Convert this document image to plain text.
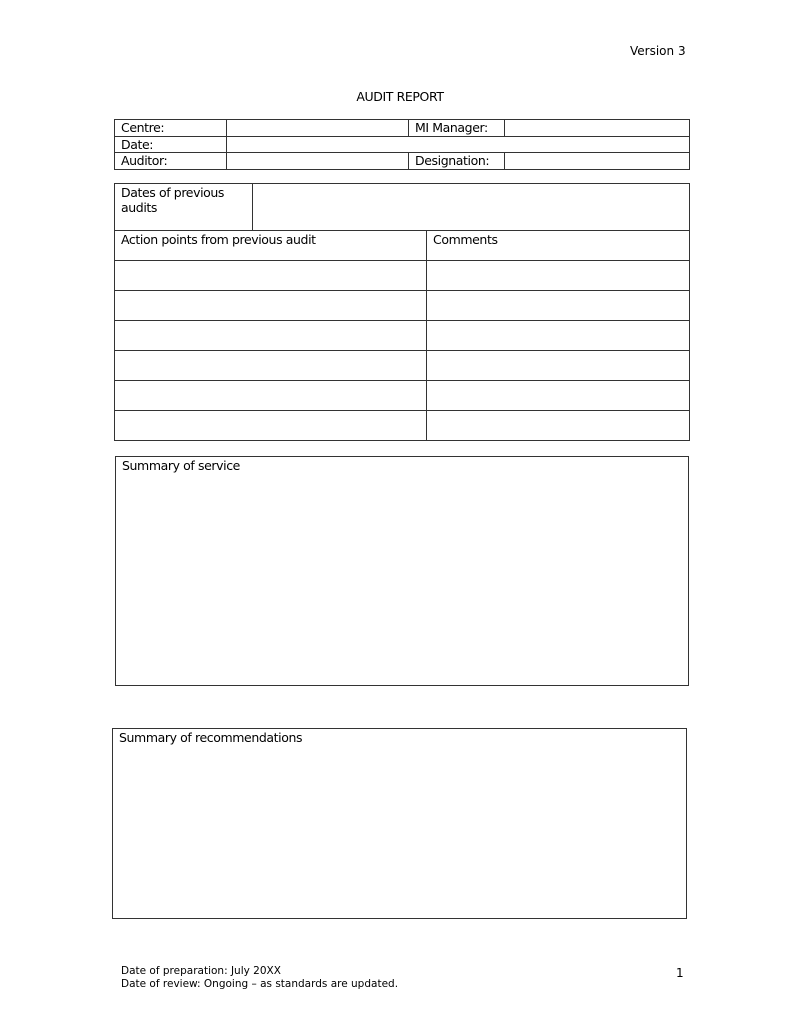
Version 3
AUDIT REPORT
Centre:		MI Manager:	
Date:			
Auditor:		Designation:	
Dates of previous audits		
Action points from previous audit		Comments

Summary of service
Summary of recommendations
Date of preparation: July 20XX
Date of review: Ongoing – as standards are updated.
1
